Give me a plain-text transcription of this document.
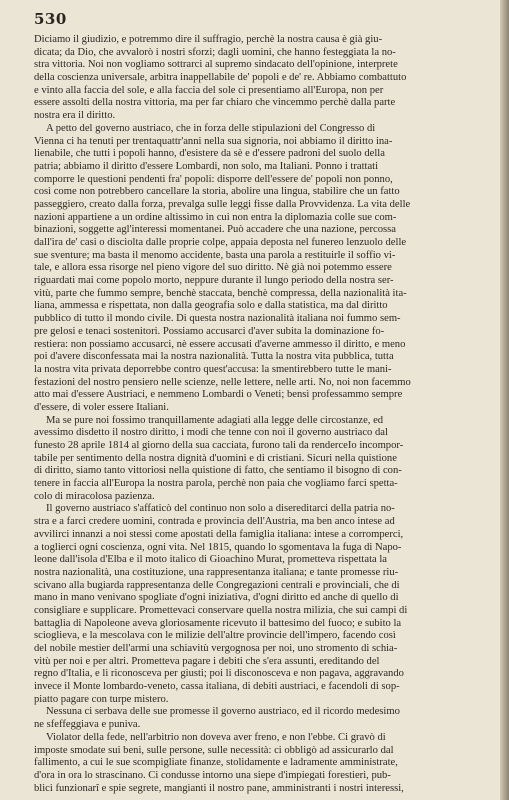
530
Diciamo il giudizio, e potremmo dire il suffragio, perchè la nostra causa è già giu-
dicata; da Dio, che avvalorò i nostri sforzi; dagli uomini, che hanno festeggiata la no-
stra vittoria. Noi non vogliamo sottrarci al supremo sindacato dell'opinione, interprete
della coscienza universale, arbitra inappellabile de' popoli e de' re. Abbiamo combattuto
e vinto alla faccia del sole, e alla faccia del sole ci presentiamo all'Europa, non per
essere assolti della nostra vittoria, ma per far chiaro che vincemmo perchè dalla parte
nostra era il diritto.
A petto del governo austriaco, che in forza delle stipulazioni del Congresso di
Vienna ci ha tenuti per trentaquattr'anni nella sua signoria, noi abbiamo il diritto ina-
lienabile, che tutti i popoli hanno, d'esistere da sè e d'essere padroni del suolo della
patria; abbiamo il diritto d'essere Lombardi, non solo, ma Italiani. Ponno i trattati
comporre le questioni pendenti fra' popoli: disporre dell'essere de' popoli non ponno,
così come non potrebbero cancellare la storia, abolire una lingua, stabilire che un fatto
passeggiero, creato dalla forza, prevalga sulle leggi fisse dalla Provvidenza. La vita delle
nazioni appartiene a un ordine altissimo in cui non entra la diplomazia colle sue com-
binazioni, soggette agl'interessi momentanei. Può accadere che una nazione, percossa
dall'ira de' casi o disciolta dalle proprie colpe, appaia deposta nel funereo lenzuolo delle
sue sventure; ma basta il menomo accidente, basta una parola a restituirle il soffio vi-
tale, e allora essa risorge nel pieno vigore del suo diritto. Nè già noi potemmo essere
riguardati mai come popolo morto, neppure durante il lungo periodo della nostra ser-
vitù, parte che fummo sempre, benchè staccata, benchè compressa, della nazionalità ita-
liana, ammessa e rispettata, non dalla geografia solo e dalla statistica, ma dal diritto
pubblico di tutto il mondo civile. Di questa nostra nazionalità italiana noi fummo sem-
pre gelosi e tenaci sostenitori. Possiamo accusarci d'aver subita la dominazione fo-
restiera: non possiamo accusarci, nè essere accusati d'averne ammesso il diritto, e meno
poi d'avere disconfessata mai la nostra nazionalità. Tutta la nostra vita pubblica, tutta
la nostra vita privata deporrebbe contro quest'accusa: la smentirebbero tutte le mani-
festazioni del nostro pensiero nelle scienze, nelle lettere, nelle arti. No, noi non facemmo
atto mai d'essere Austriaci, e nemmeno Lombardi o Veneti; bensì professammo sempre
d'essere, di voler essere Italiani.
Ma se pure noi fossimo tranquillamente adagiati alla legge delle circostanze, ed
avessimo disdetto il nostro diritto, i modi che tenne con noi il governo austriaco dal
funesto 28 aprile 1814 al giorno della sua cacciata, furono tali da renderceIo incompor-
tabile per sentimento della nostra dignità d'uomini e di cristiani. Sicuri nella quistione
di diritto, siamo tanto vittoriosi nella quistione di fatto, che sentiamo il bisogno di con-
tenere in faccia all'Europa la nostra parola, perchè non paia che vogliamo farci spetta-
colo di miracolosa pazienza.
Il governo austriaco s'affaticò del continuo non solo a disereditarci della patria no-
stra e a farci credere uomini, contrada e provincia dell'Austria, ma ben anco intese ad
avvilirci innanzi a noi stessi come apostati della famiglia italiana: intese a corromperci,
a toglierci ogni coscienza, ogni vita. Nel 1815, quando lo sgomentava la fuga di Napo-
leone dall'isola d'Elba e il moto italico di Gioachino Murat, prometteva rispettata la
nostra nazionalità, una costituzione, una rappresentanza italiana; e tante promesse riu-
scivano alla bugiarda rappresentanza delle Congregazioni centrali e provinciali, che di
mano in mano venivano spogliate d'ogni iniziativa, d'ogni diritto ed anche di quello di
consigliare e supplicare. Promettevaci conservare quella nostra milizia, che sui campi di
battaglia di Napoleone aveva gloriosamente ricevuto il battesimo del fuoco; e subito la
scioglieva, e la mescolava con le milizie dell'altre provincie dell'impero, facendo così
del nobile mestier dell'armi una schiavitù vergognosa per noi, uno stromento di schia-
vitù per noi e per altri. Prometteva pagare i debiti che s'era assunti, ereditando del
regno d'Italia, e li riconosceva per giusti; poi li disconosceva e non pagava, aggravando
invece il Monte lombardo-veneto, cassa italiana, di debiti austriaci, e facendoli di sop-
piatto pagare con turpe mistero.
Nessuna ci serbava delle sue promesse il governo austriaco, ed il ricordo medesimo
ne sfeffeggiava e puniva.
Violator della fede, nell'arbitrio non doveva aver freno, e non l'ebbe. Ci gravò di
imposte smodate sui beni, sulle persone, sulle necessità: ci obbligò ad assicurarlo dal
fallimento, a cui le sue scompigliate finanze, stolidamente e ladramente amministrate,
d'ora in ora lo strascinano. Ci condusse intorno una siepe d'impiegati forestieri, pub-
blici funzionarî e spie segrete, mangianti il nostro pane, amministranti i nostri interessi,
